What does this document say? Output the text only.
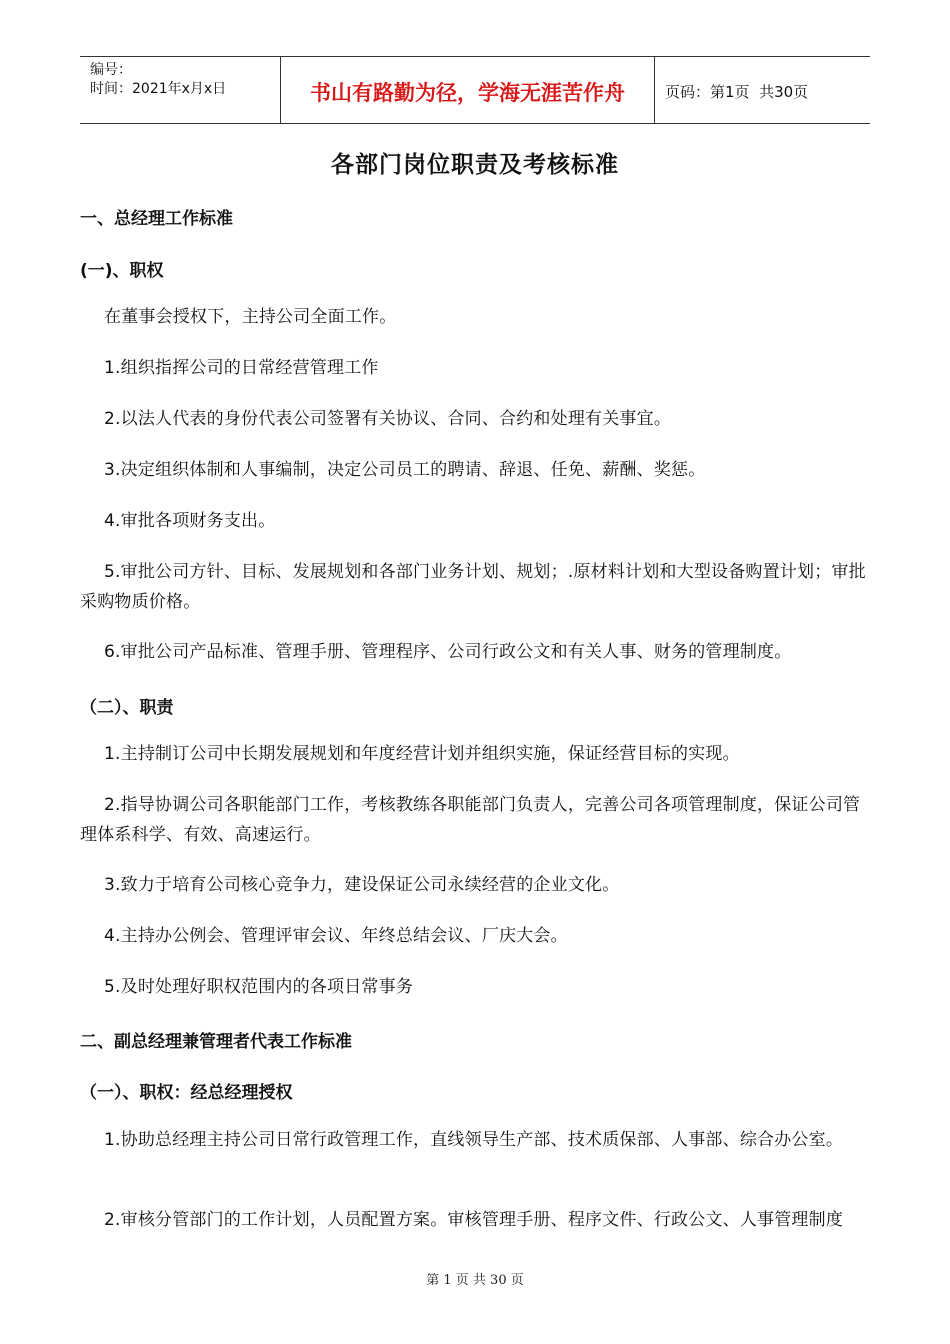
编号：
时间：2021年x月x日	书山有路勤为径，学海无涯苦作舟	页码：第1页  共30页
各部门岗位职责及考核标准
一、总经理工作标准
(一)、职权
在董事会授权下，主持公司全面工作。
1.组织指挥公司的日常经营管理工作
2.以法人代表的身份代表公司签署有关协议、合同、合约和处理有关事宜。
3.决定组织体制和人事编制，决定公司员工的聘请、辞退、任免、薪酬、奖惩。
4.审批各项财务支出。
5.审批公司方针、目标、发展规划和各部门业务计划、规划；.原材料计划和大型设备购置计划；审批采购物质价格。
6.审批公司产品标准、管理手册、管理程序、公司行政公文和有关人事、财务的管理制度。
（二）、职责
1.主持制订公司中长期发展规划和年度经营计划并组织实施，保证经营目标的实现。
2.指导协调公司各职能部门工作，考核教练各职能部门负责人，完善公司各项管理制度，保证公司管理体系科学、有效、高速运行。
3.致力于培育公司核心竞争力，建设保证公司永续经营的企业文化。
4.主持办公例会、管理评审会议、年终总结会议、厂庆大会。
5.及时处理好职权范围内的各项日常事务
二、副总经理兼管理者代表工作标准
（一）、职权：经总经理授权
1.协助总经理主持公司日常行政管理工作，直线领导生产部、技术质保部、人事部、综合办公室。
2.审核分管部门的工作计划，人员配置方案。审核管理手册、程序文件、行政公文、人事管理制度
第 1 页 共 30 页
